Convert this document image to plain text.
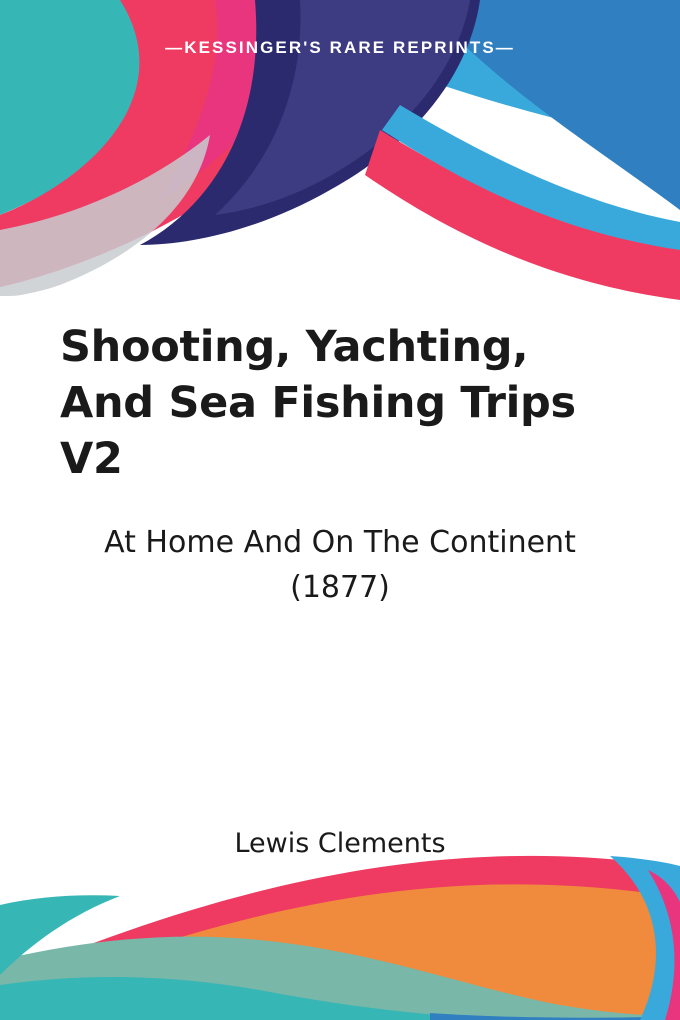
—KESSINGER'S RARE REPRINTS—
Shooting, Yachting, And Sea Fishing Trips V2
At Home And On The Continent (1877)

Lewis Clements
